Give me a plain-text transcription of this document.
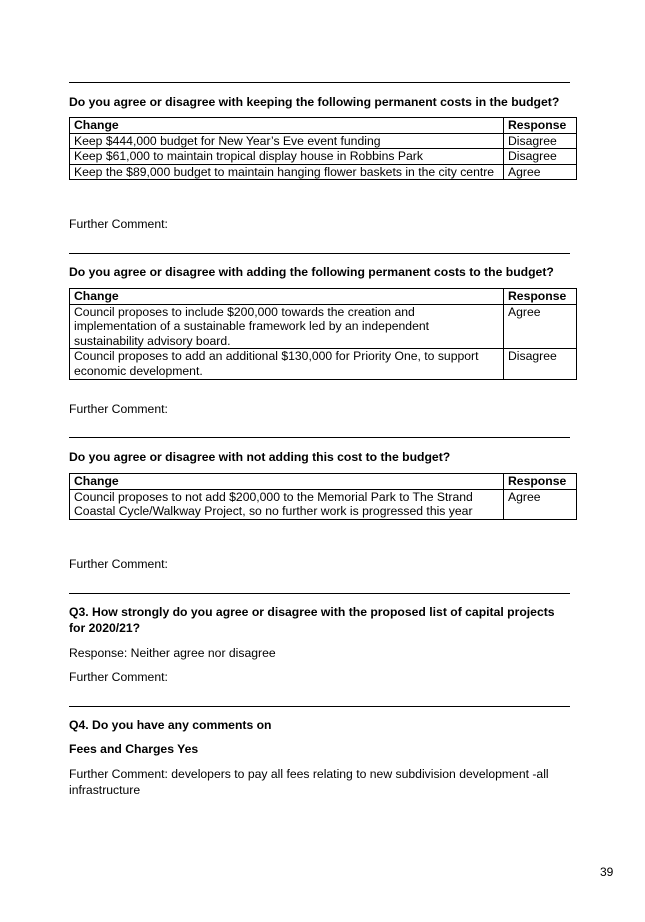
Do you agree or disagree with keeping the following permanent costs in the budget?
Change	Response
Keep $444,000 budget for New Year’s Eve event funding	Disagree
Keep $61,000 to maintain tropical display house in Robbins Park	Disagree
Keep the $89,000 budget to maintain hanging flower baskets in the city centre	Agree
Further Comment:
Do you agree or disagree with adding the following permanent costs to the budget?
Change	Response
Council proposes to include $200,000 towards the creation and implementation of a sustainable framework led by an independent sustainability advisory board.	Agree
Council proposes to add an additional $130,000 for Priority One, to support economic development.	Disagree
Further Comment:
Do you agree or disagree with not adding this cost to the budget?
Change	Response
Council proposes to not add $200,000 to the Memorial Park to The Strand Coastal Cycle/Walkway Project, so no further work is progressed this year	Agree
Further Comment:
Q3. How strongly do you agree or disagree with the proposed list of capital projects for 2020/21?
Response: Neither agree nor disagree
Further Comment:
Q4. Do you have any comments on
Fees and Charges Yes
Further Comment: developers to pay all fees relating to new subdivision development -all infrastructure
39
